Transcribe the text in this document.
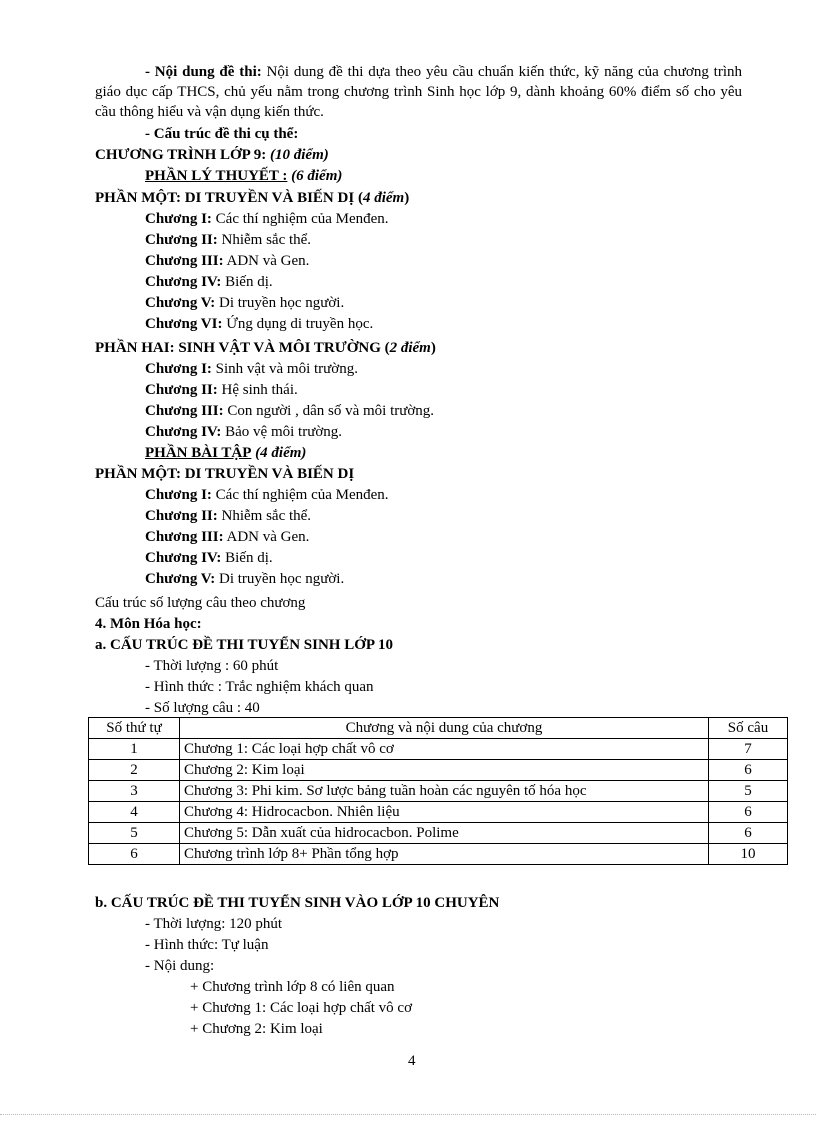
- Nội dung đề thi: Nội dung đề thi dựa theo yêu cầu chuẩn kiến thức, kỹ năng của chương trình giáo dục cấp THCS, chủ yếu nằm trong chương trình Sinh học lớp 9, dành khoảng 60% điểm số cho yêu cầu thông hiểu và vận dụng kiến thức.
- Cấu trúc đề thi cụ thể:
CHƯƠNG TRÌNH LỚP 9: (10 điểm)
PHẦN LÝ THUYẾT : (6 điểm)
PHẦN MỘT: DI TRUYỀN VÀ BIẾN DỊ (4 điểm)
Chương I: Các thí nghiệm của Menđen.
Chương II: Nhiễm sắc thể.
Chương III: ADN và Gen.
Chương IV: Biến dị.
Chương V: Di truyền học người.
Chương VI: Ứng dụng di truyền học.
PHẦN HAI: SINH VẬT VÀ MÔI TRƯỜNG (2 điểm)
Chương I: Sinh vật và môi trường.
Chương II: Hệ sinh thái.
Chương III: Con người , dân số và môi trường.
Chương IV: Bảo vệ môi trường.
PHẦN BÀI TẬP (4 điểm)
PHẦN MỘT: DI TRUYỀN VÀ BIẾN DỊ
Chương I: Các thí nghiệm của Menđen.
Chương II: Nhiễm sắc thể.
Chương III: ADN và Gen.
Chương IV: Biến dị.
Chương V: Di truyền học người.
Cấu trúc số lượng câu theo chương
4. Môn Hóa học:
a. CẤU TRÚC ĐỀ THI TUYỂN SINH LỚP 10
- Thời lượng : 60 phút
- Hình thức : Trắc nghiệm khách quan
- Số lượng câu : 40
Số thứ tự	Chương và nội dung của chương	Số câu
1	Chương 1: Các loại hợp chất vô cơ	7
2	Chương 2: Kim loại	6
3	Chương 3: Phi kim. Sơ lược bảng tuần hoàn các nguyên tố hóa học	5
4	Chương 4: Hidrocacbon. Nhiên liệu	6
5	Chương 5: Dẫn xuất của hidrocacbon. Polime	6
6	Chương trình lớp 8+ Phần tổng hợp	10
b. CẤU TRÚC ĐỀ THI TUYỂN SINH VÀO LỚP 10 CHUYÊN
- Thời lượng: 120 phút
- Hình thức: Tự luận
- Nội dung:
+ Chương trình lớp 8 có liên quan
+ Chương 1: Các loại hợp chất vô cơ
+ Chương 2: Kim loại
4
